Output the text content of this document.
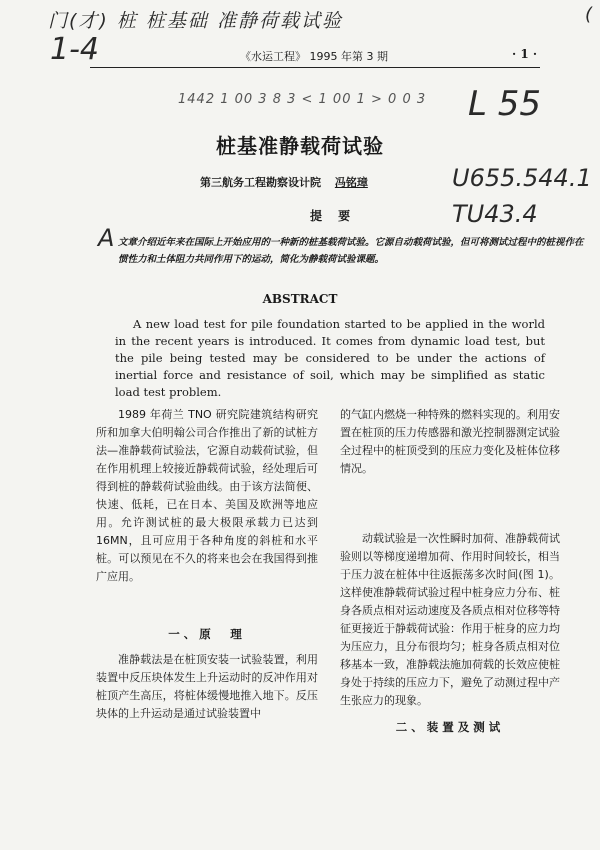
门(才) 桩 桩基础 准静荷载试验
1-4
(
1442 1 00 3 8 3 < 1 00 1 > 0 0 3 L 55
U655.544.1
TU43.4
A
《水运工程》 1995 年第 3 期	· 1 ·
桩基准静载荷试验
第三航务工程勘察设计院 冯铭璋
提 要
文章介绍近年来在国际上开始应用的一种新的桩基载荷试验。它源自动载荷试验，但可将测试过程中的桩视作在惯性力和土体阻力共同作用下的运动，简化为静载荷试验课题。
ABSTRACT
A new load test for pile foundation started to be applied in the world in the recent years is introduced. It comes from dynamic load test, but the pile being tested may be considered to be under the actions of inertial force and resistance of soil, which may be simplified as static load test problem.

1989 年荷兰 TNO 研究院建筑结构研究所和加拿大伯明翰公司合作推出了新的试桩方法—准静载荷试验法，它源自动载荷试验，但在作用机理上较接近静载荷试验，经处理后可得到桩的静载荷试验曲线。由于该方法简便、快速、低耗，已在日本、美国及欧洲等地应用。允许测试桩的最大极限承载力已达到 16MN，且可应用于各种角度的斜桩和水平桩。可以预见在不久的将来也会在我国得到推广应用。

一、原　理

准静载法是在桩顶安装一试验装置，利用装置中反压块体发生上升运动时的反冲作用对桩顶产生高压，将桩体缓慢地推入地下。反压块体的上升运动是通过试验装置中

的气缸内燃烧一种特殊的燃料实现的。利用安置在桩顶的压力传感器和激光控制器测定试验全过程中的桩顶受到的压应力变化及桩体位移情况。

动载试验是一次性瞬时加荷、准静载荷试验则以等梯度递增加荷、作用时间较长，相当于压力波在桩体中往返振荡多次时间(图 1)。这样使准静载荷试验过程中桩身应力分布、桩身各质点相对运动速度及各质点相对位移等特征更接近于静载荷试验：作用于桩身的应力均为压应力，且分布很均匀；桩身各质点相对位移基本一致，准静载法施加荷载的长效应使桩身处于持续的压应力下，避免了动测过程中产生张应力的现象。

二、装置及测试
